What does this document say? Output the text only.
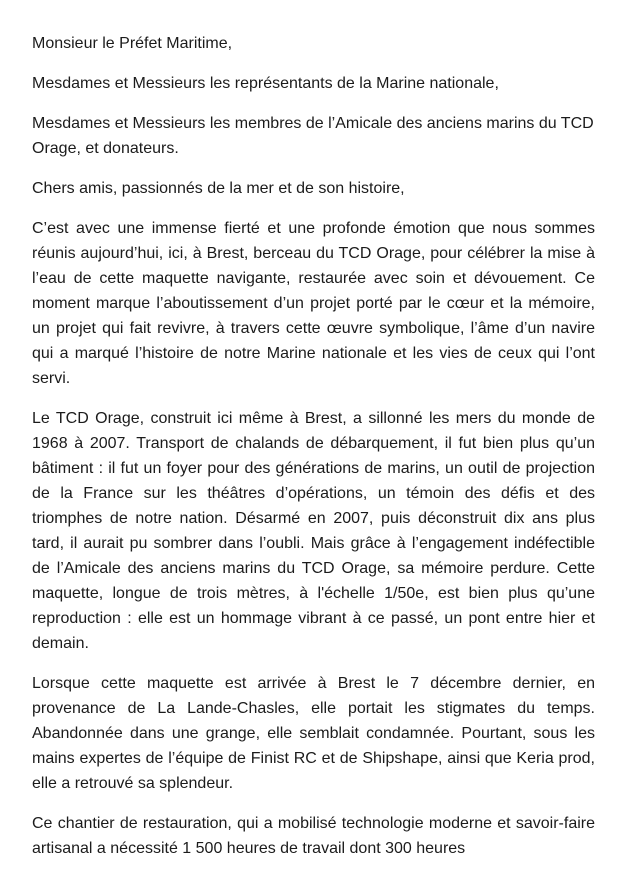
Monsieur le Préfet Maritime,

Mesdames et Messieurs les représentants de la Marine nationale,

Mesdames et Messieurs les membres de l’Amicale des anciens marins du TCD Orage, et donateurs.

Chers amis, passionnés de la mer et de son histoire,

C’est avec une immense fierté et une profonde émotion que nous sommes réunis aujourd’hui, ici, à Brest, berceau du TCD Orage, pour célébrer la mise à l’eau de cette maquette navigante, restaurée avec soin et dévouement. Ce moment marque l’aboutissement d’un projet porté par le cœur et la mémoire, un projet qui fait revivre, à travers cette œuvre symbolique, l’âme d’un navire qui a marqué l’histoire de notre Marine nationale et les vies de ceux qui l’ont servi.

Le TCD Orage, construit ici même à Brest, a sillonné les mers du monde de 1968 à 2007. Transport de chalands de débarquement, il fut bien plus qu’un bâtiment : il fut un foyer pour des générations de marins, un outil de projection de la France sur les théâtres d’opérations, un témoin des défis et des triomphes de notre nation. Désarmé en 2007, puis déconstruit dix ans plus tard, il aurait pu sombrer dans l’oubli. Mais grâce à l’engagement indéfectible de l’Amicale des anciens marins du TCD Orage, sa mémoire perdure. Cette maquette, longue de trois mètres, à l'échelle 1/50e, est bien plus qu’une reproduction : elle est un hommage vibrant à ce passé, un pont entre hier et demain.

Lorsque cette maquette est arrivée à Brest le 7 décembre dernier, en provenance de La Lande-Chasles, elle portait les stigmates du temps. Abandonnée dans une grange, elle semblait condamnée. Pourtant, sous les mains expertes de l’équipe de Finist RC et de Shipshape, ainsi que Keria prod, elle a retrouvé sa splendeur.

Ce chantier de restauration, qui a mobilisé technologie moderne et savoir-faire artisanal a nécessité 1 500 heures de travail dont 300 heures
